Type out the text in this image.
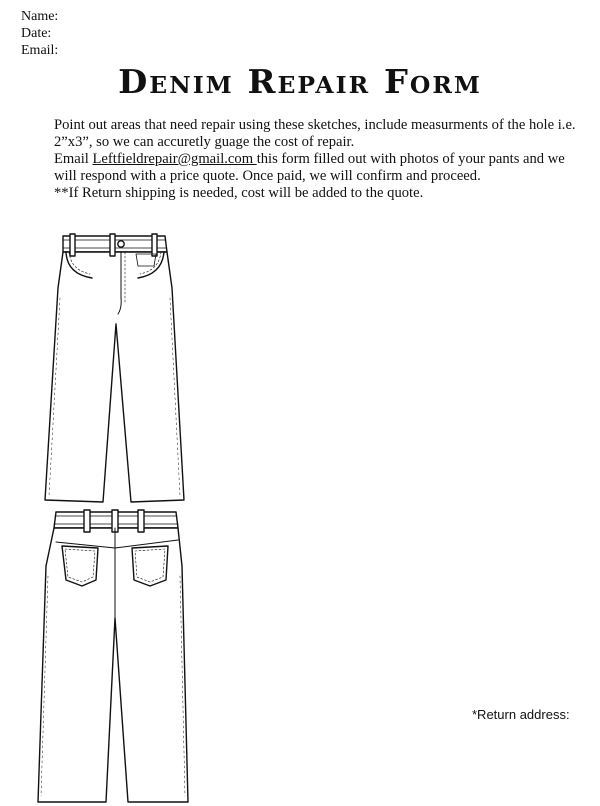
Name:
Date:
Email:
Denim Repair Form

Point out areas that need repair using these sketches, include measurments of the hole i.e. 2”x3”, so we can accuretly guage the cost of repair.

Email Leftfieldrepair@gmail.com this form filled out with photos of your pants and we will respond with a price quote. Once paid, we will confirm and proceed.

**If Return shipping is needed, cost will be added to the quote.

*Return address:
